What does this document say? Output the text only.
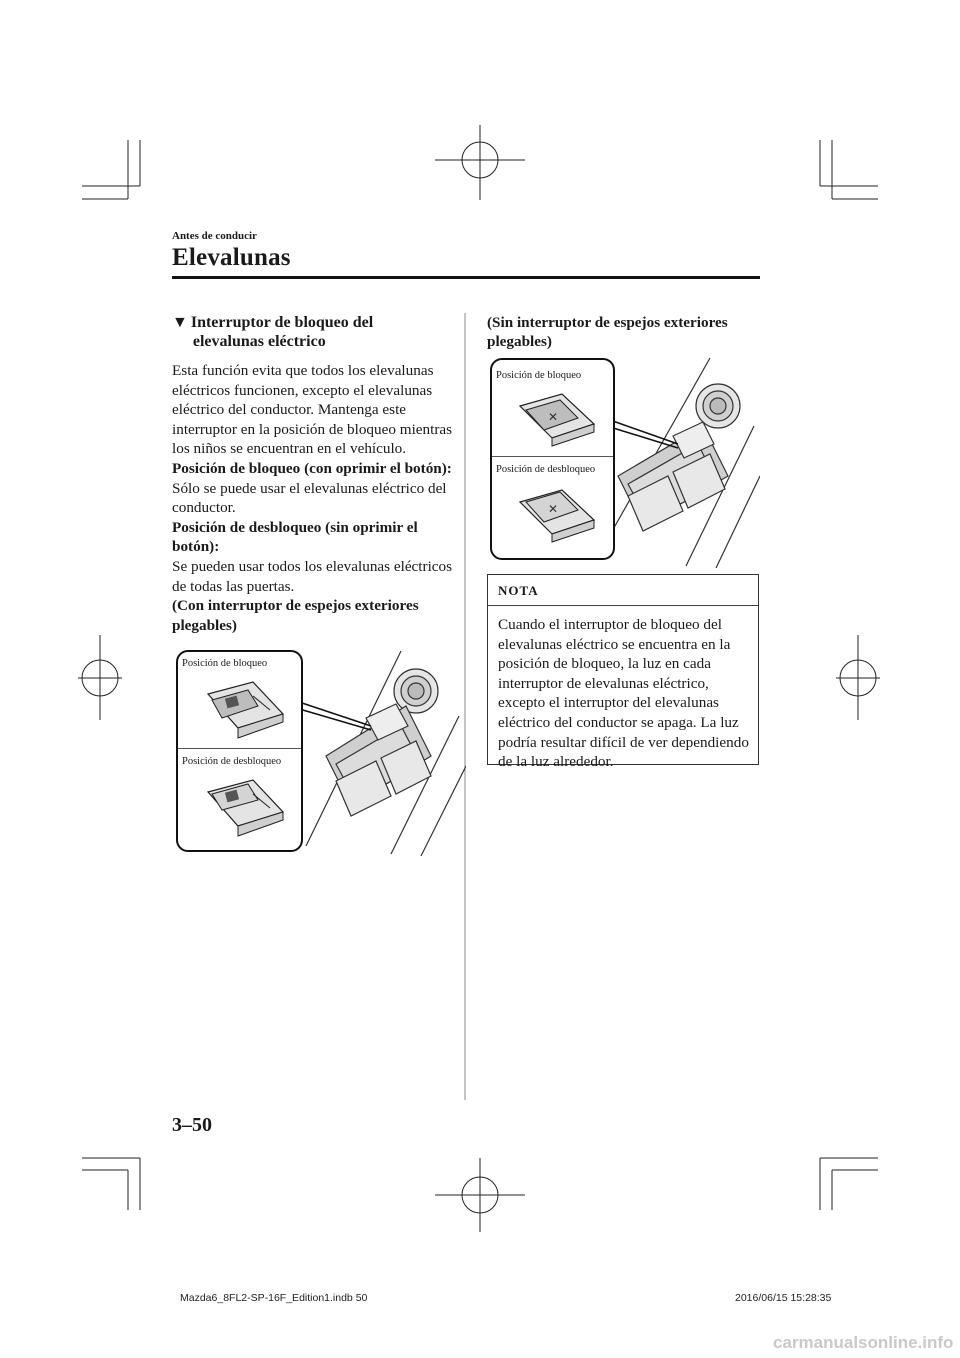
Antes de conducir
Elevalunas
▼ Interruptor de bloqueo del
elevalunas eléctrico

Esta función evita que todos los elevalunas eléctricos funcionen, excepto el elevalunas eléctrico del conductor. Mantenga este interruptor en la posición de bloqueo mientras los niños se encuentran en el vehículo.

Posición de bloqueo (con oprimir el botón):

Sólo se puede usar el elevalunas eléctrico del conductor.

Posición de desbloqueo (sin oprimir el botón):

Se pueden usar todos los elevalunas eléctricos de todas las puertas.

(Con interruptor de espejos exteriores plegables)

Posición de bloqueo
Posición de desbloqueo

(Sin interruptor de espejos exteriores plegables)

Posición de bloqueo
✕
Posición de desbloqueo
✕
NOTA
Cuando el interruptor de bloqueo del elevalunas eléctrico se encuentra en la posición de bloqueo, la luz en cada interruptor de elevalunas eléctrico, excepto el interruptor del elevalunas eléctrico del conductor se apaga. La luz podría resultar difícil de ver dependiendo de la luz alrededor.
3–50
Mazda6_8FL2-SP-16F_Edition1.indb 50	2016/06/15 15:28:35
carmanualsonline.info
